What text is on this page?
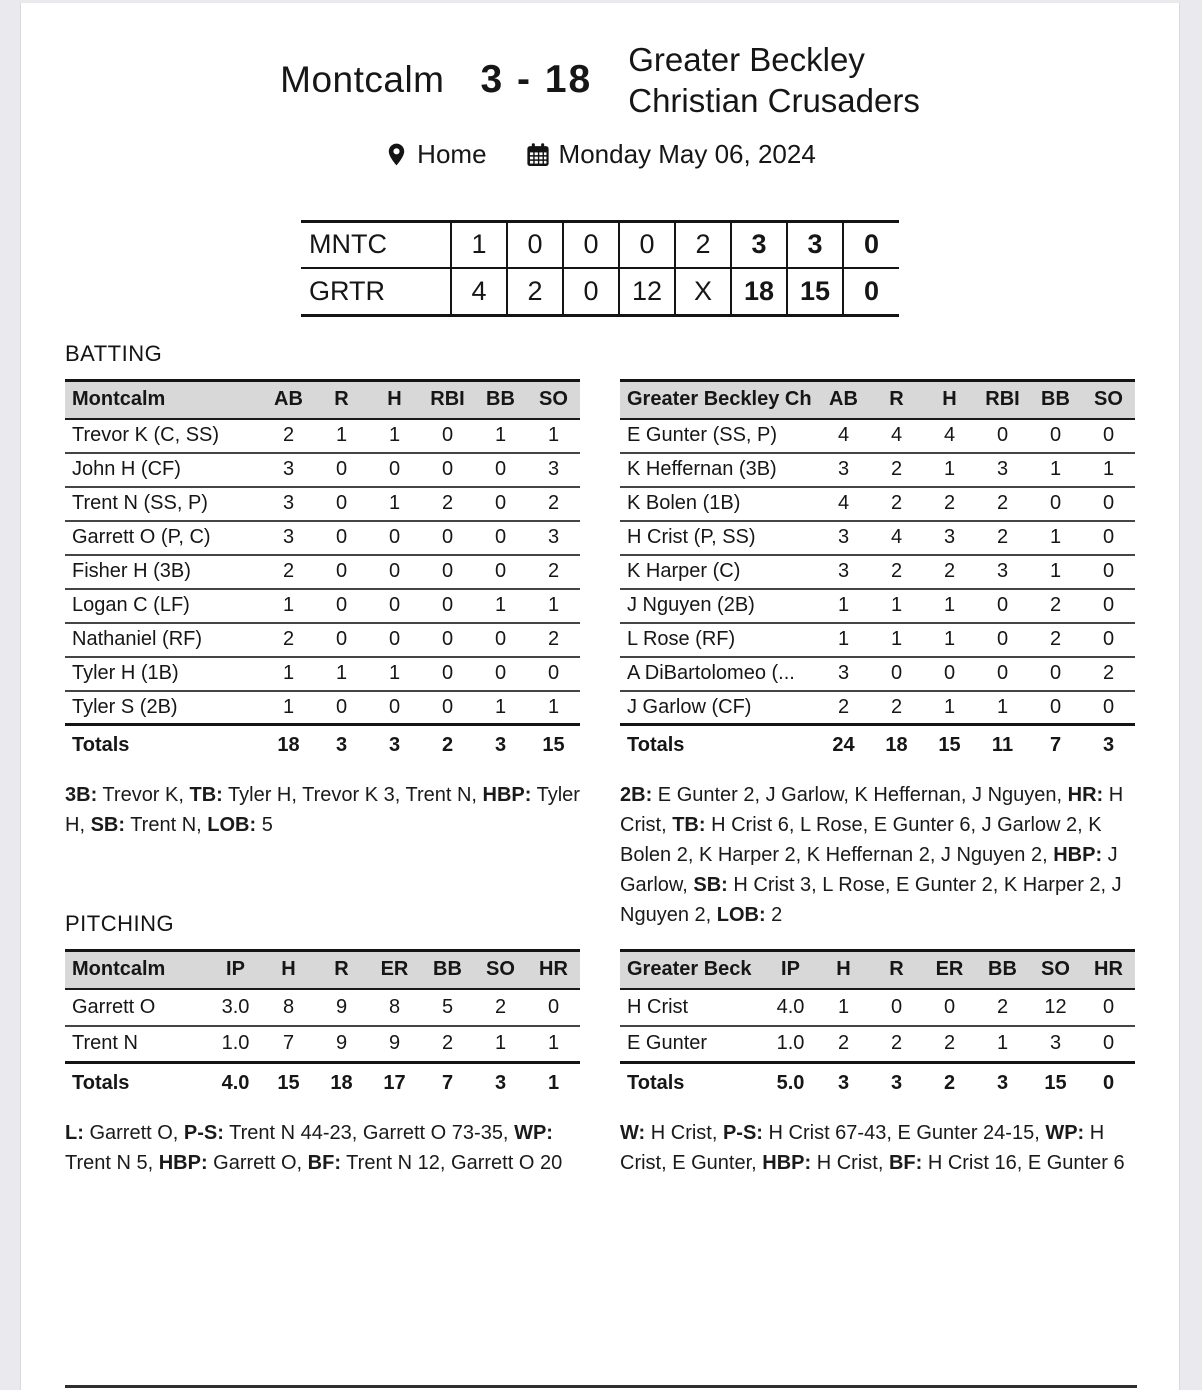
Montcalm 3 - 18 Greater Beckley
Christian Crusaders
Home	Monday May 06, 2024

MNTC	1	0	0	0	2	3	3	0
GRTR	4	2	0	12	X	18	15	0
BATTING
Montcalm	AB	R	H	RBI	BB	SO
Trevor K (C, SS)	2	1	1	0	1	1
John H (CF)	3	0	0	0	0	3
Trent N (SS, P)	3	0	1	2	0	2
Garrett O (P, C)	3	0	0	0	0	3
Fisher H (3B)	2	0	0	0	0	2
Logan C (LF)	1	0	0	0	1	1
Nathaniel (RF)	2	0	0	0	0	2
Tyler H (1B)	1	1	1	0	0	0
Tyler S (2B)	1	0	0	0	1	1
Totals	18	3	3	2	3	15
3B: Trevor K, TB: Tyler H, Trevor K 3, Trent N, HBP: Tyler H, SB: Trent N, LOB: 5
Greater Beckley Ch	AB	R	H	RBI	BB	SO
E Gunter (SS, P)	4	4	4	0	0	0
K Heffernan (3B)	3	2	1	3	1	1
K Bolen (1B)	4	2	2	2	0	0
H Crist (P, SS)	3	4	3	2	1	0
K Harper (C)	3	2	2	3	1	0
J Nguyen (2B)	1	1	1	0	2	0
L Rose (RF)	1	1	1	0	2	0
A DiBartolomeo (...	3	0	0	0	0	2
J Garlow (CF)	2	2	1	1	0	0
Totals	24	18	15	11	7	3
2B: E Gunter 2, J Garlow, K Heffernan, J Nguyen, HR: H Crist, TB: H Crist 6, L Rose, E Gunter 6, J Garlow 2, K Bolen 2, K Harper 2, K Heffernan 2, J Nguyen 2, HBP: J Garlow, SB: H Crist 3, L Rose, E Gunter 2, K Harper 2, J Nguyen 2, LOB: 2
PITCHING
Montcalm	IP	H	R	ER	BB	SO	HR
Garrett O	3.0	8	9	8	5	2	0
Trent N	1.0	7	9	9	2	1	1
Totals	4.0	15	18	17	7	3	1
L: Garrett O, P-S: Trent N 44-23, Garrett O 73-35, WP: Trent N 5, HBP: Garrett O, BF: Trent N 12, Garrett O 20
Greater Beck	IP	H	R	ER	BB	SO	HR
H Crist	4.0	1	0	0	2	12	0
E Gunter	1.0	2	2	2	1	3	0
Totals	5.0	3	3	2	3	15	0
W: H Crist, P-S: H Crist 67-43, E Gunter 24-15, WP: H Crist, E Gunter, HBP: H Crist, BF: H Crist 16, E Gunter 6
